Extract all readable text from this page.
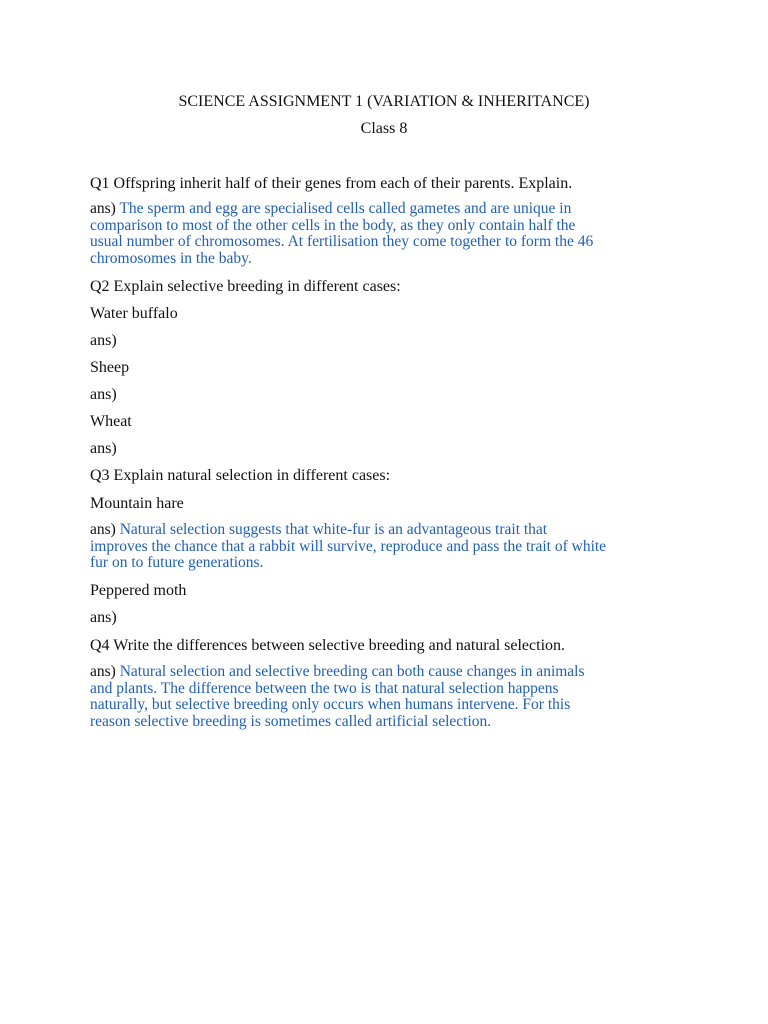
SCIENCE ASSIGNMENT 1 (VARIATION & INHERITANCE)
Class 8
Q1 Offspring inherit half of their genes from each of their parents. Explain.
ans) The sperm and egg are specialised cells called gametes and are unique in
comparison to most of the other cells in the body, as they only contain half the
usual number of chromosomes. At fertilisation they come together to form the 46
chromosomes in the baby.
Q2 Explain selective breeding in different cases:
Water buffalo
ans)
Sheep
ans)
Wheat
ans)
Q3 Explain natural selection in different cases:
Mountain hare
ans) Natural selection suggests that white-fur is an advantageous trait that
improves the chance that a rabbit will survive, reproduce and pass the trait of white
fur on to future generations.
Peppered moth
ans)
Q4 Write the differences between selective breeding and natural selection.
ans) Natural selection and selective breeding can both cause changes in animals
and plants. The difference between the two is that natural selection happens
naturally, but selective breeding only occurs when humans intervene. For this
reason selective breeding is sometimes called artificial selection.
